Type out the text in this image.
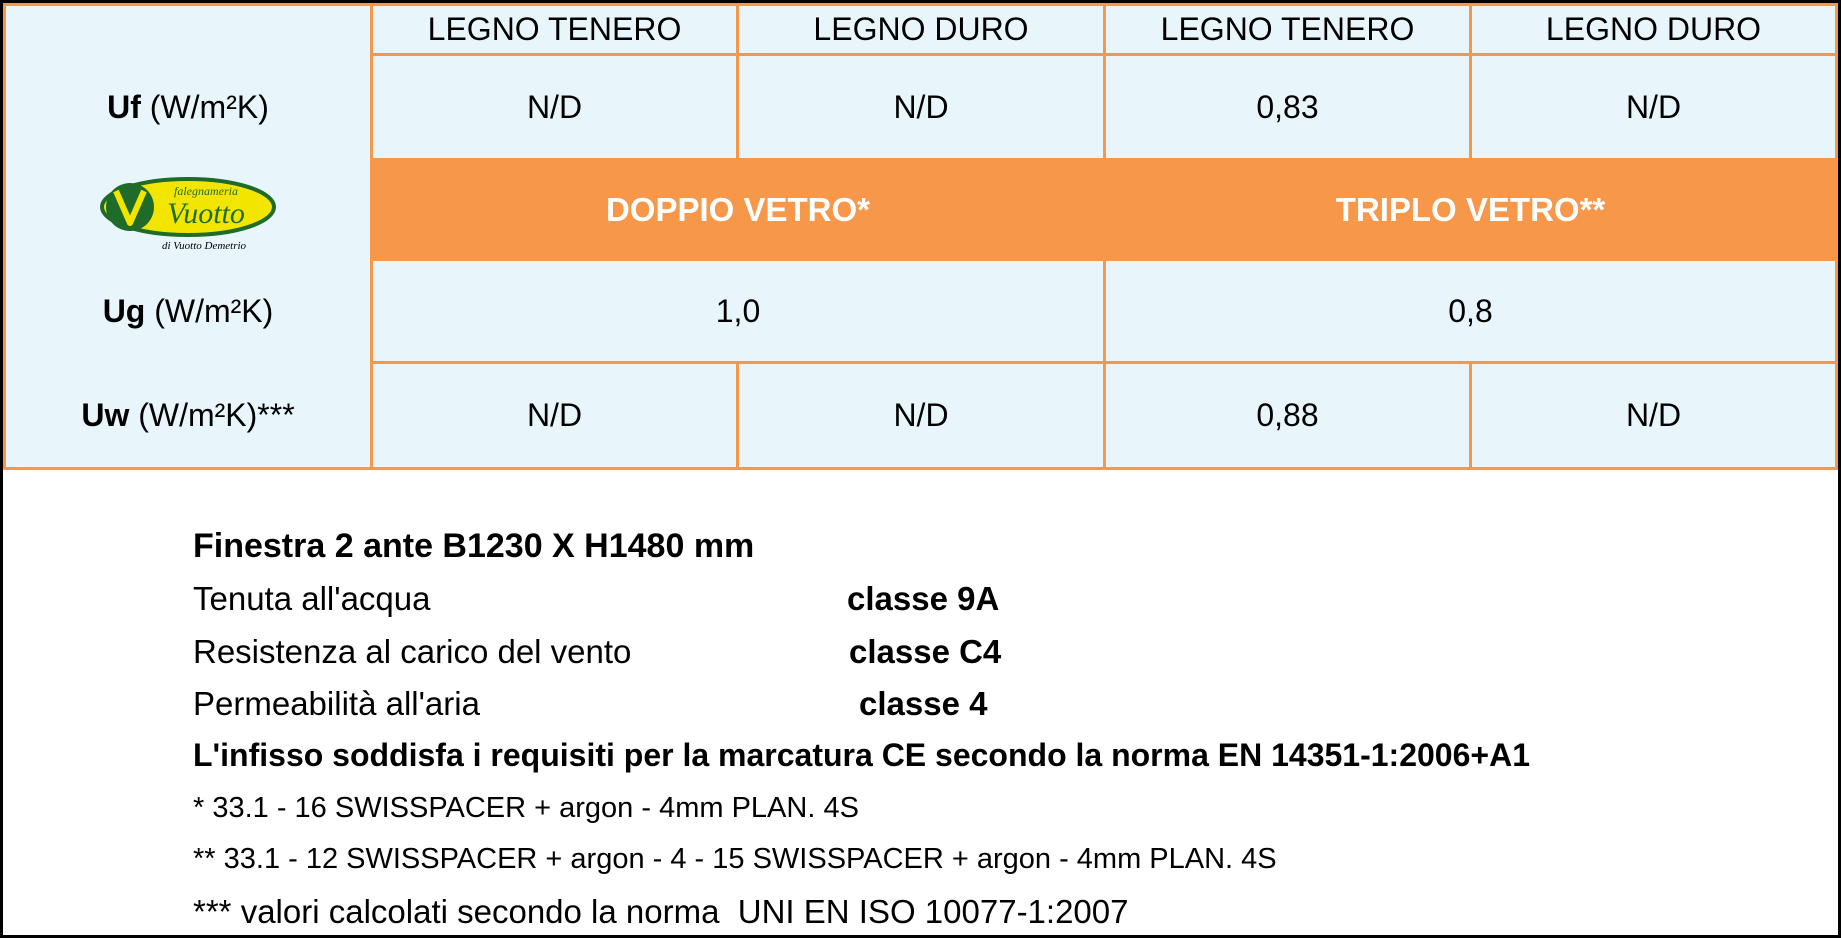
LEGNO TENERO	LEGNO DURO	LEGNO TENERO	LEGNO DURO
Uf (W/m²K)	N/D	N/D	0,83	N/D
falegnameria
Vuotto
di Vuotto Demetrio
DOPPIO VETRO*	TRIPLO VETRO**
Ug (W/m²K)	1,0	0,8
Uw (W/m²K)***	N/D	N/D	0,88	N/D
Finestra 2 ante B1230 X H1480 mm
Tenuta all'acqua	classe 9A
Resistenza al carico del vento	classe C4
Permeabilità all'aria	classe 4
L'infisso soddisfa i requisiti per la marcatura CE secondo la norma EN 14351-1:2006+A1
* 33.1 - 16 SWISSPACER + argon - 4mm PLAN. 4S
** 33.1 - 12 SWISSPACER + argon - 4 - 15 SWISSPACER + argon - 4mm PLAN. 4S
*** valori calcolati secondo la norma  UNI EN ISO 10077-1:2007
